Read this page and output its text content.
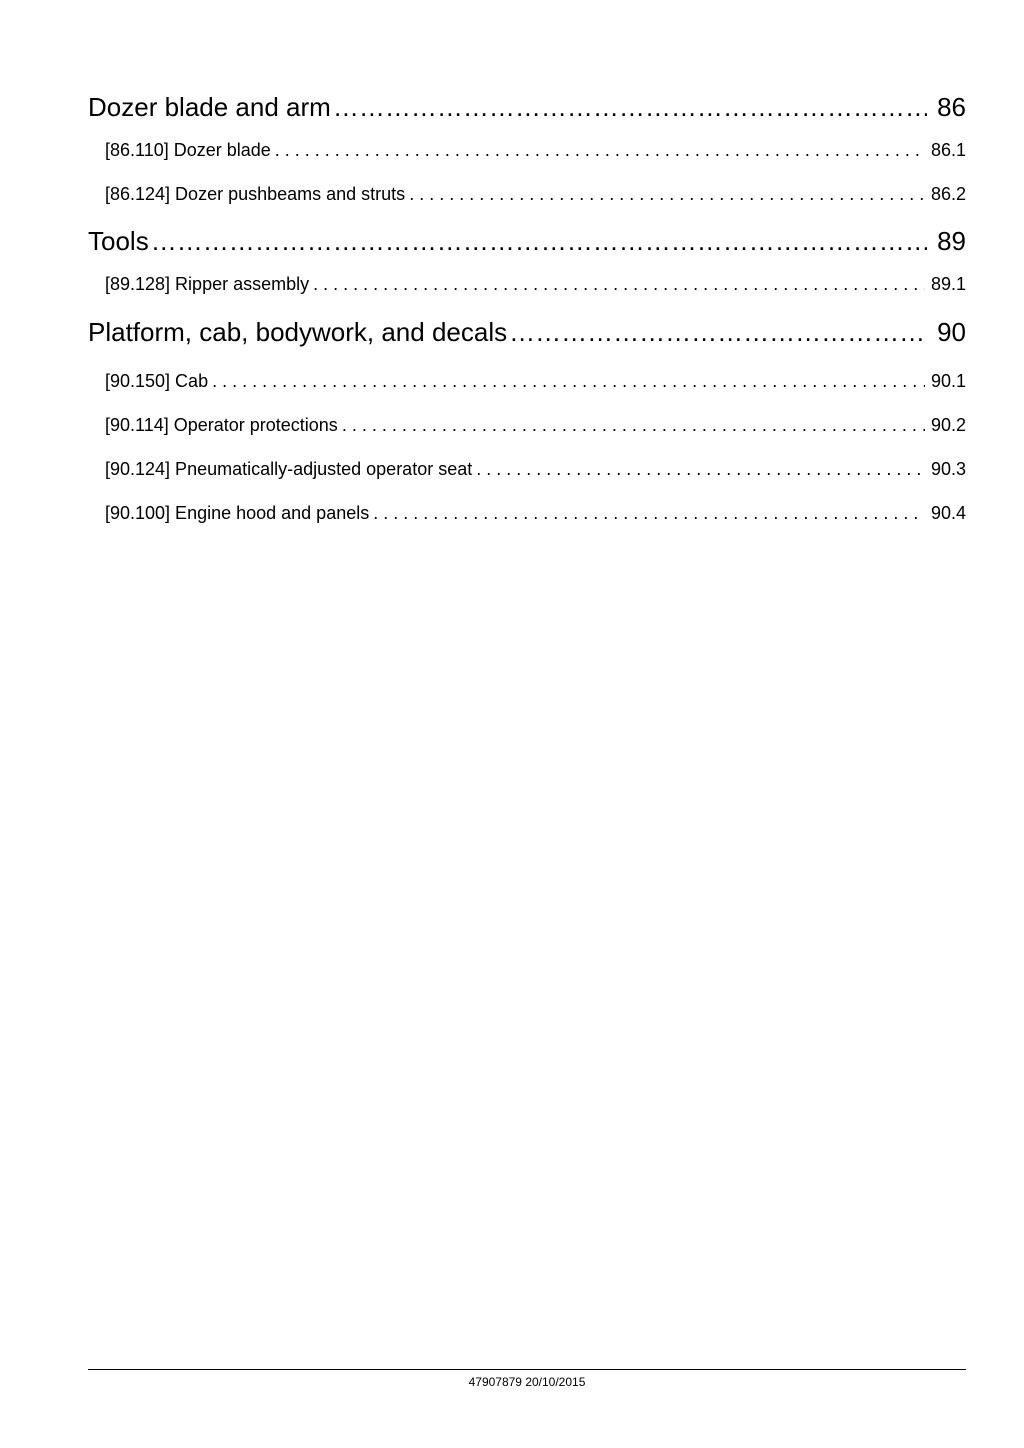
Dozer blade and arm …………………………………………………………………………………………………………………………………………………………………………………………	86
[86.110] Dozer blade . . .	86.1
[86.124] Dozer pushbeams and struts . . .	86.2
Tools …………………………………………………………………………………………………………………………………………………………………………………………	89
[89.128] Ripper assembly . . .	89.1
Platform, cab, bodywork, and decals …………………………………………………………………………………………………………………………………………………………………………………………	90
[90.150] Cab . . .	90.1
[90.114] Operator protections . . .	90.2
[90.124] Pneumatically-adjusted operator seat . . .	90.3
[90.100] Engine hood and panels . . .	90.4
47907879 20/10/2015
